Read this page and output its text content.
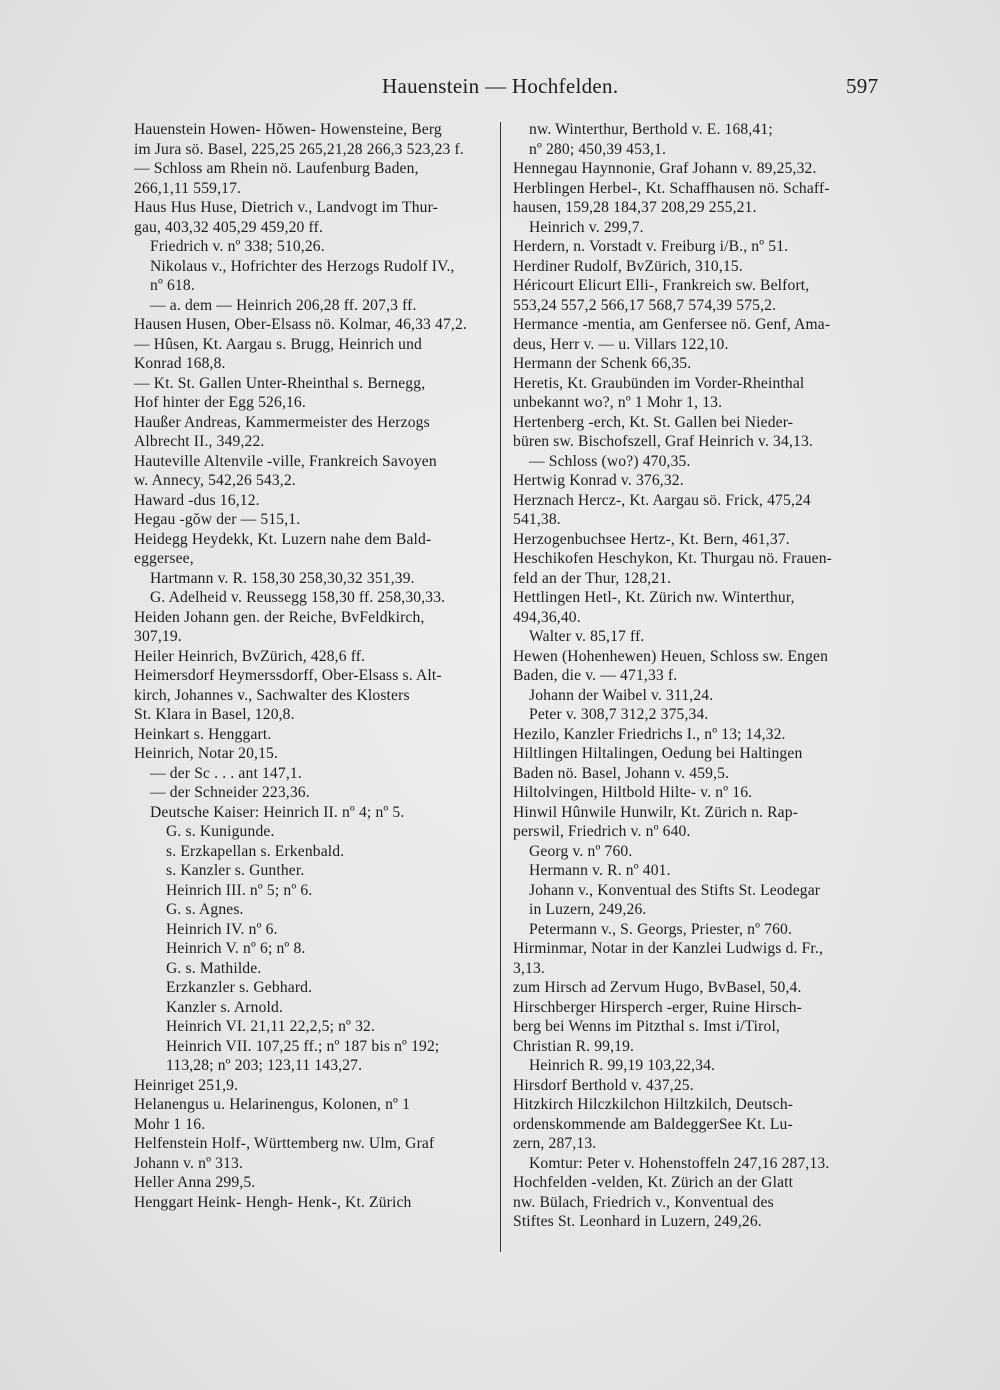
Hauenstein — Hochfelden.	597
Hauenstein Howen- Hŏwen- Howensteine, Berg
im Jura sö. Basel, 225,25 265,21,28 266,3 523,23 f.
— Schloss am Rhein nö. Laufenburg Baden,
266,1,11 559,17.
Haus Hus Huse, Dietrich v., Landvogt im Thur-
gau, 403,32 405,29 459,20 ff.
Friedrich v. nº 338; 510,26.
Nikolaus v., Hofrichter des Herzogs Rudolf IV.,
nº 618.
— a. dem — Heinrich 206,28 ff. 207,3 ff.
Hausen Husen, Ober-Elsass nö. Kolmar, 46,33 47,2.
— Hûsen, Kt. Aargau s. Brugg, Heinrich und
Konrad 168,8.
— Kt. St. Gallen Unter-Rheinthal s. Bernegg,
Hof hinter der Egg 526,16.
Haußer Andreas, Kammermeister des Herzogs
Albrecht II., 349,22.
Hauteville Altenvile -ville, Frankreich Savoyen
w. Annecy, 542,26 543,2.
Haward -dus 16,12.
Hegau -gŏw der — 515,1.
Heidegg Heydekk, Kt. Luzern nahe dem Bald-
eggersee,
Hartmann v. R. 158,30 258,30,32 351,39.
G. Adelheid v. Reussegg 158,30 ff. 258,30,33.
Heiden Johann gen. der Reiche, BvFeldkirch,
307,19.
Heiler Heinrich, BvZürich, 428,6 ff.
Heimersdorf Heymerssdorff, Ober-Elsass s. Alt-
kirch, Johannes v., Sachwalter des Klosters
St. Klara in Basel, 120,8.
Heinkart s. Henggart.
Heinrich, Notar 20,15.
— der Sc . . . ant 147,1.
— der Schneider 223,36.
Deutsche Kaiser: Heinrich II. nº 4; nº 5.
G. s. Kunigunde.
s. Erzkapellan s. Erkenbald.
s. Kanzler s. Gunther.
Heinrich III. nº 5; nº 6.
G. s. Agnes.
Heinrich IV. nº 6.
Heinrich V. nº 6; nº 8.
G. s. Mathilde.
Erzkanzler s. Gebhard.
Kanzler s. Arnold.
Heinrich VI. 21,11 22,2,5; nº 32.
Heinrich VII. 107,25 ff.; nº 187 bis nº 192;
113,28; nº 203; 123,11 143,27.
Heinriget 251,9.
Helanengus u. Helarinengus, Kolonen, nº 1
Mohr 1 16.
Helfenstein Holf-, Württemberg nw. Ulm, Graf
Johann v. nº 313.
Heller Anna 299,5.
Henggart Heink- Hengh- Henk-, Kt. Zürich
nw. Winterthur, Berthold v. E. 168,41;
nº 280; 450,39 453,1.
Hennegau Haynnonie, Graf Johann v. 89,25,32.
Herblingen Herbel-, Kt. Schaffhausen nö. Schaff-
hausen, 159,28 184,37 208,29 255,21.
Heinrich v. 299,7.
Herdern, n. Vorstadt v. Freiburg i/B., nº 51.
Herdiner Rudolf, BvZürich, 310,15.
Héricourt Elicurt Elli-, Frankreich sw. Belfort,
553,24 557,2 566,17 568,7 574,39 575,2.
Hermance -mentia, am Genfersee nö. Genf, Ama-
deus, Herr v. — u. Villars 122,10.
Hermann der Schenk 66,35.
Heretis, Kt. Graubünden im Vorder-Rheinthal
unbekannt wo?, nº 1 Mohr 1, 13.
Hertenberg -erch, Kt. St. Gallen bei Nieder-
büren sw. Bischofszell, Graf Heinrich v. 34,13.
— Schloss (wo?) 470,35.
Hertwig Konrad v. 376,32.
Herznach Hercz-, Kt. Aargau sö. Frick, 475,24
541,38.
Herzogenbuchsee Hertz-, Kt. Bern, 461,37.
Heschikofen Heschykon, Kt. Thurgau nö. Frauen-
feld an der Thur, 128,21.
Hettlingen Hetl-, Kt. Zürich nw. Winterthur,
494,36,40.
Walter v. 85,17 ff.
Hewen (Hohenhewen) Heuen, Schloss sw. Engen
Baden, die v. — 471,33 f.
Johann der Waibel v. 311,24.
Peter v. 308,7 312,2 375,34.
Hezilo, Kanzler Friedrichs I., nº 13; 14,32.
Hiltlingen Hiltalingen, Oedung bei Haltingen
Baden nö. Basel, Johann v. 459,5.
Hiltolvingen, Hiltbold Hilte- v. nº 16.
Hinwil Hûnwile Hunwilr, Kt. Zürich n. Rap-
perswil, Friedrich v. nº 640.
Georg v. nº 760.
Hermann v. R. nº 401.
Johann v., Konventual des Stifts St. Leodegar
in Luzern, 249,26.
Petermann v., S. Georgs, Priester, nº 760.
Hirminmar, Notar in der Kanzlei Ludwigs d. Fr.,
3,13.
zum Hirsch ad Zervum Hugo, BvBasel, 50,4.
Hirschberger Hirsperch -erger, Ruine Hirsch-
berg bei Wenns im Pitzthal s. Imst i/Tirol,
Christian R. 99,19.
Heinrich R. 99,19 103,22,34.
Hirsdorf Berthold v. 437,25.
Hitzkirch Hilczkilchon Hiltzkilch, Deutsch-
ordenskommende am BaldeggerSee Kt. Lu-
zern, 287,13.
Komtur: Peter v. Hohenstoffeln 247,16 287,13.
Hochfelden -velden, Kt. Zürich an der Glatt
nw. Bülach, Friedrich v., Konventual des
Stiftes St. Leonhard in Luzern, 249,26.
